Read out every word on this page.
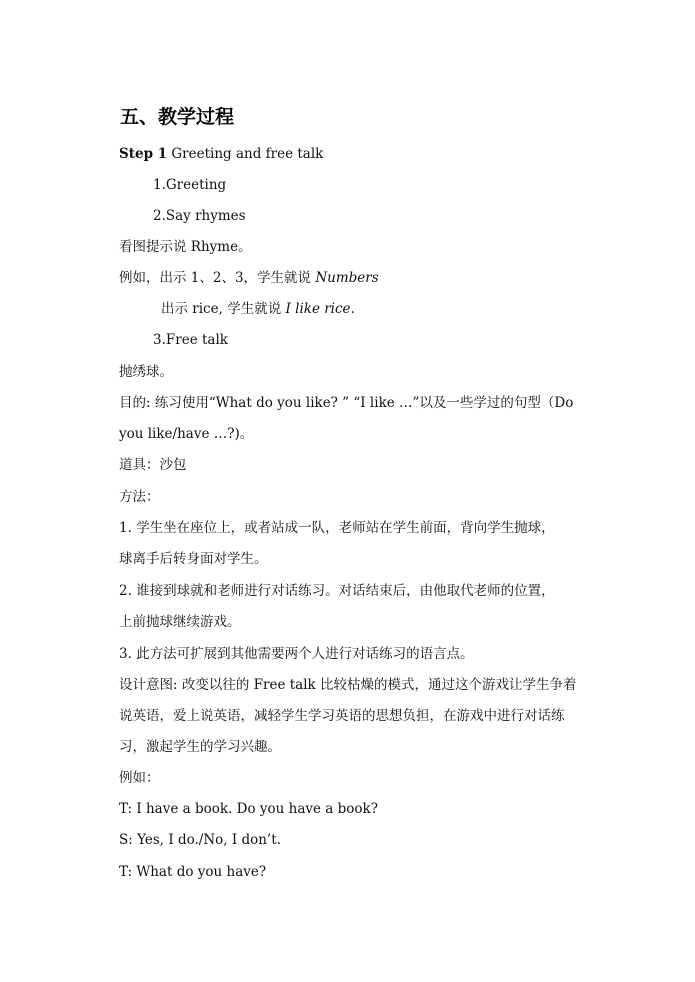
五、教学过程
Step 1 Greeting and free talk
1.Greeting
2.Say rhymes
看图提示说 Rhyme。
例如，出示 1、2、3，学生就说 Numbers
出示 rice, 学生就说 I like rice.
3.Free talk
抛绣球。
目的: 练习使用“What do you like? ” “I like …”以及一些学过的句型（Do
you like/have …?)。
道具：沙包
方法：
1. 学生坐在座位上，或者站成一队，老师站在学生前面，背向学生抛球，
球离手后转身面对学生。
2. 谁接到球就和老师进行对话练习。对话结束后，由他取代老师的位置，
上前抛球继续游戏。
3. 此方法可扩展到其他需要两个人进行对话练习的语言点。
设计意图: 改变以往的 Free talk 比较枯燥的模式，通过这个游戏让学生争着
说英语，爱上说英语，减轻学生学习英语的思想负担，在游戏中进行对话练
习，激起学生的学习兴趣。
例如：
T: I have a book. Do you have a book?
S: Yes, I do./No, I don’t.
T: What do you have?
